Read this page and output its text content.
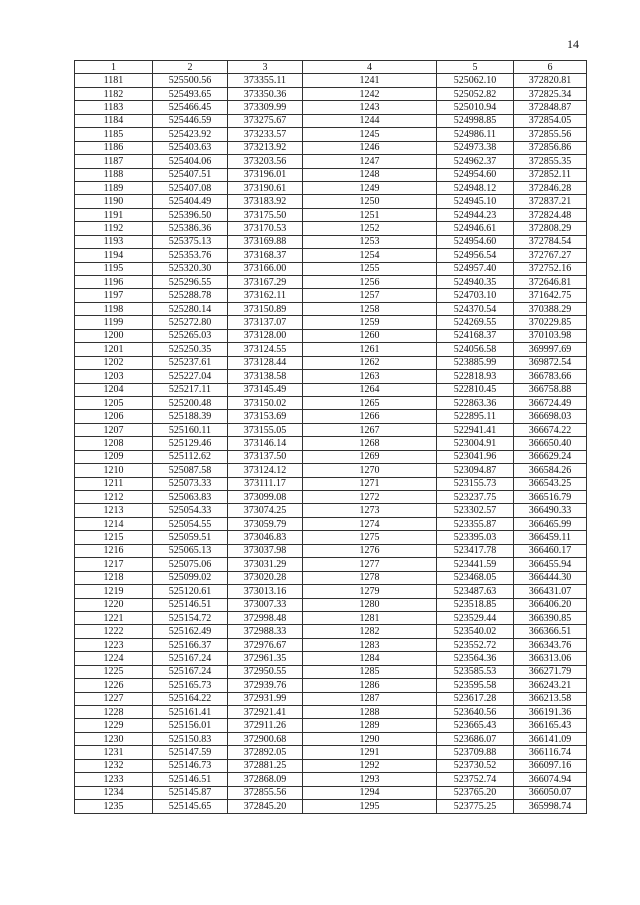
14
1	2	3	4	5	6
1181	525500.56	373355.11	1241	525062.10	372820.81
1182	525493.65	373350.36	1242	525052.82	372825.34
1183	525466.45	373309.99	1243	525010.94	372848.87
1184	525446.59	373275.67	1244	524998.85	372854.05
1185	525423.92	373233.57	1245	524986.11	372855.56
1186	525403.63	373213.92	1246	524973.38	372856.86
1187	525404.06	373203.56	1247	524962.37	372855.35
1188	525407.51	373196.01	1248	524954.60	372852.11
1189	525407.08	373190.61	1249	524948.12	372846.28
1190	525404.49	373183.92	1250	524945.10	372837.21
1191	525396.50	373175.50	1251	524944.23	372824.48
1192	525386.36	373170.53	1252	524946.61	372808.29
1193	525375.13	373169.88	1253	524954.60	372784.54
1194	525353.76	373168.37	1254	524956.54	372767.27
1195	525320.30	373166.00	1255	524957.40	372752.16
1196	525296.55	373167.29	1256	524940.35	372646.81
1197	525288.78	373162.11	1257	524703.10	371642.75
1198	525280.14	373150.89	1258	524370.54	370388.29
1199	525272.80	373137.07	1259	524269.55	370229.85
1200	525265.03	373128.00	1260	524168.37	370103.98
1201	525250.35	373124.55	1261	524056.58	369997.69
1202	525237.61	373128.44	1262	523885.99	369872.54
1203	525227.04	373138.58	1263	522818.93	366783.66
1204	525217.11	373145.49	1264	522810.45	366758.88
1205	525200.48	373150.02	1265	522863.36	366724.49
1206	525188.39	373153.69	1266	522895.11	366698.03
1207	525160.11	373155.05	1267	522941.41	366674.22
1208	525129.46	373146.14	1268	523004.91	366650.40
1209	525112.62	373137.50	1269	523041.96	366629.24
1210	525087.58	373124.12	1270	523094.87	366584.26
1211	525073.33	373111.17	1271	523155.73	366543.25
1212	525063.83	373099.08	1272	523237.75	366516.79
1213	525054.33	373074.25	1273	523302.57	366490.33
1214	525054.55	373059.79	1274	523355.87	366465.99
1215	525059.51	373046.83	1275	523395.03	366459.11
1216	525065.13	373037.98	1276	523417.78	366460.17
1217	525075.06	373031.29	1277	523441.59	366455.94
1218	525099.02	373020.28	1278	523468.05	366444.30
1219	525120.61	373013.16	1279	523487.63	366431.07
1220	525146.51	373007.33	1280	523518.85	366406.20
1221	525154.72	372998.48	1281	523529.44	366390.85
1222	525162.49	372988.33	1282	523540.02	366366.51
1223	525166.37	372976.67	1283	523552.72	366343.76
1224	525167.24	372961.35	1284	523564.36	366313.06
1225	525167.24	372950.55	1285	523585.53	366271.79
1226	525165.73	372939.76	1286	523595.58	366243.21
1227	525164.22	372931.99	1287	523617.28	366213.58
1228	525161.41	372921.41	1288	523640.56	366191.36
1229	525156.01	372911.26	1289	523665.43	366165.43
1230	525150.83	372900.68	1290	523686.07	366141.09
1231	525147.59	372892.05	1291	523709.88	366116.74
1232	525146.73	372881.25	1292	523730.52	366097.16
1233	525146.51	372868.09	1293	523752.74	366074.94
1234	525145.87	372855.56	1294	523765.20	366050.07
1235	525145.65	372845.20	1295	523775.25	365998.74
